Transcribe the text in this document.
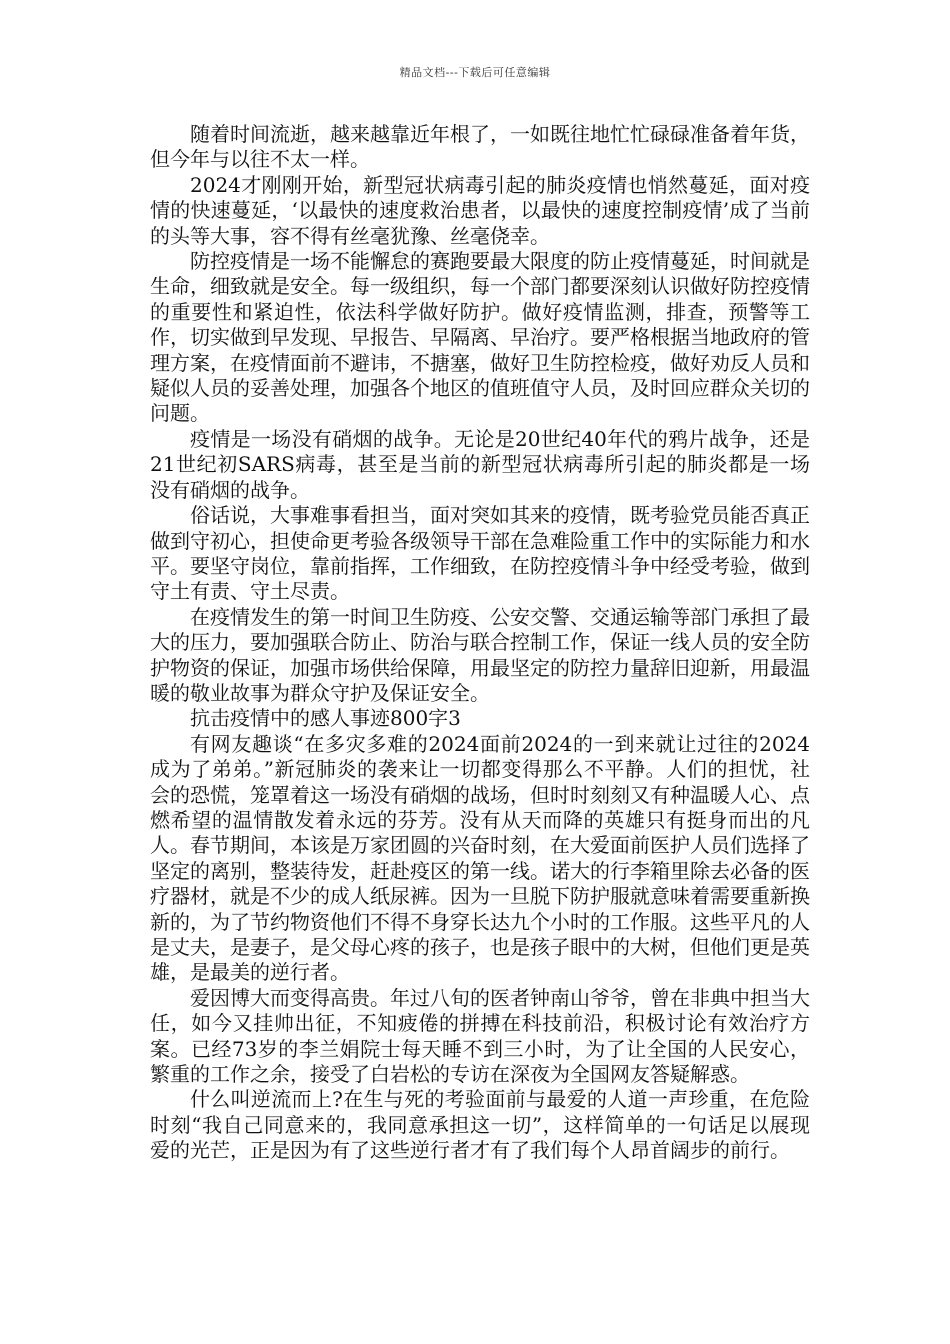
精品文档---下载后可任意编辑

随着时间流逝，越来越靠近年根了，一如既往地忙忙碌碌准备着年货，但今年与以往不太一样。

2024才刚刚开始，新型冠状病毒引起的肺炎疫情也悄然蔓延，面对疫情的快速蔓延，‘以最快的速度救治患者，以最快的速度控制疫情’成了当前的头等大事，容不得有丝毫犹豫、丝毫侥幸。

防控疫情是一场不能懈怠的赛跑要最大限度的防止疫情蔓延，时间就是生命，细致就是安全。每一级组织，每一个部门都要深刻认识做好防控疫情的重要性和紧迫性，依法科学做好防护。做好疫情监测，排查，预警等工作，切实做到早发现、早报告、早隔离、早治疗。要严格根据当地政府的管理方案，在疫情面前不避讳，不搪塞，做好卫生防控检疫，做好劝反人员和疑似人员的妥善处理，加强各个地区的值班值守人员，及时回应群众关切的问题。

疫情是一场没有硝烟的战争。无论是20世纪40年代的鸦片战争，还是21世纪初SARS病毒，甚至是当前的新型冠状病毒所引起的肺炎都是一场没有硝烟的战争。

俗话说，大事难事看担当，面对突如其来的疫情，既考验党员能否真正做到守初心，担使命更考验各级领导干部在急难险重工作中的实际能力和水平。要坚守岗位，靠前指挥，工作细致，在防控疫情斗争中经受考验，做到守土有责、守土尽责。

在疫情发生的第一时间卫生防疫、公安交警、交通运输等部门承担了最大的压力，要加强联合防止、防治与联合控制工作，保证一线人员的安全防护物资的保证，加强市场供给保障，用最坚定的防控力量辞旧迎新，用最温暖的敬业故事为群众守护及保证安全。

抗击疫情中的感人事迹800字3

有网友趣谈“在多灾多难的2024面前2024的一到来就让过往的2024成为了弟弟。”新冠肺炎的袭来让一切都变得那么不平静。人们的担忧，社会的恐慌，笼罩着这一场没有硝烟的战场，但时时刻刻又有种温暖人心、点燃希望的温情散发着永远的芬芳。没有从天而降的英雄只有挺身而出的凡人。春节期间，本该是万家团圆的兴奋时刻，在大爱面前医护人员们选择了坚定的离别，整装待发，赶赴疫区的第一线。诺大的行李箱里除去必备的医疗器材，就是不少的成人纸尿裤。因为一旦脱下防护服就意味着需要重新换新的，为了节约物资他们不得不身穿长达九个小时的工作服。这些平凡的人是丈夫，是妻子，是父母心疼的孩子，也是孩子眼中的大树，但他们更是英雄，是最美的逆行者。

爱因博大而变得高贵。年过八旬的医者钟南山爷爷，曾在非典中担当大任，如今又挂帅出征，不知疲倦的拼搏在科技前沿，积极讨论有效治疗方案。已经73岁的李兰娟院士每天睡不到三小时，为了让全国的人民安心，繁重的工作之余，接受了白岩松的专访在深夜为全国网友答疑解惑。

什么叫逆流而上?在生与死的考验面前与最爱的人道一声珍重，在危险时刻“我自己同意来的，我同意承担这一切”，这样简单的一句话足以展现爱的光芒，正是因为有了这些逆行者才有了我们每个人昂首阔步的前行。
